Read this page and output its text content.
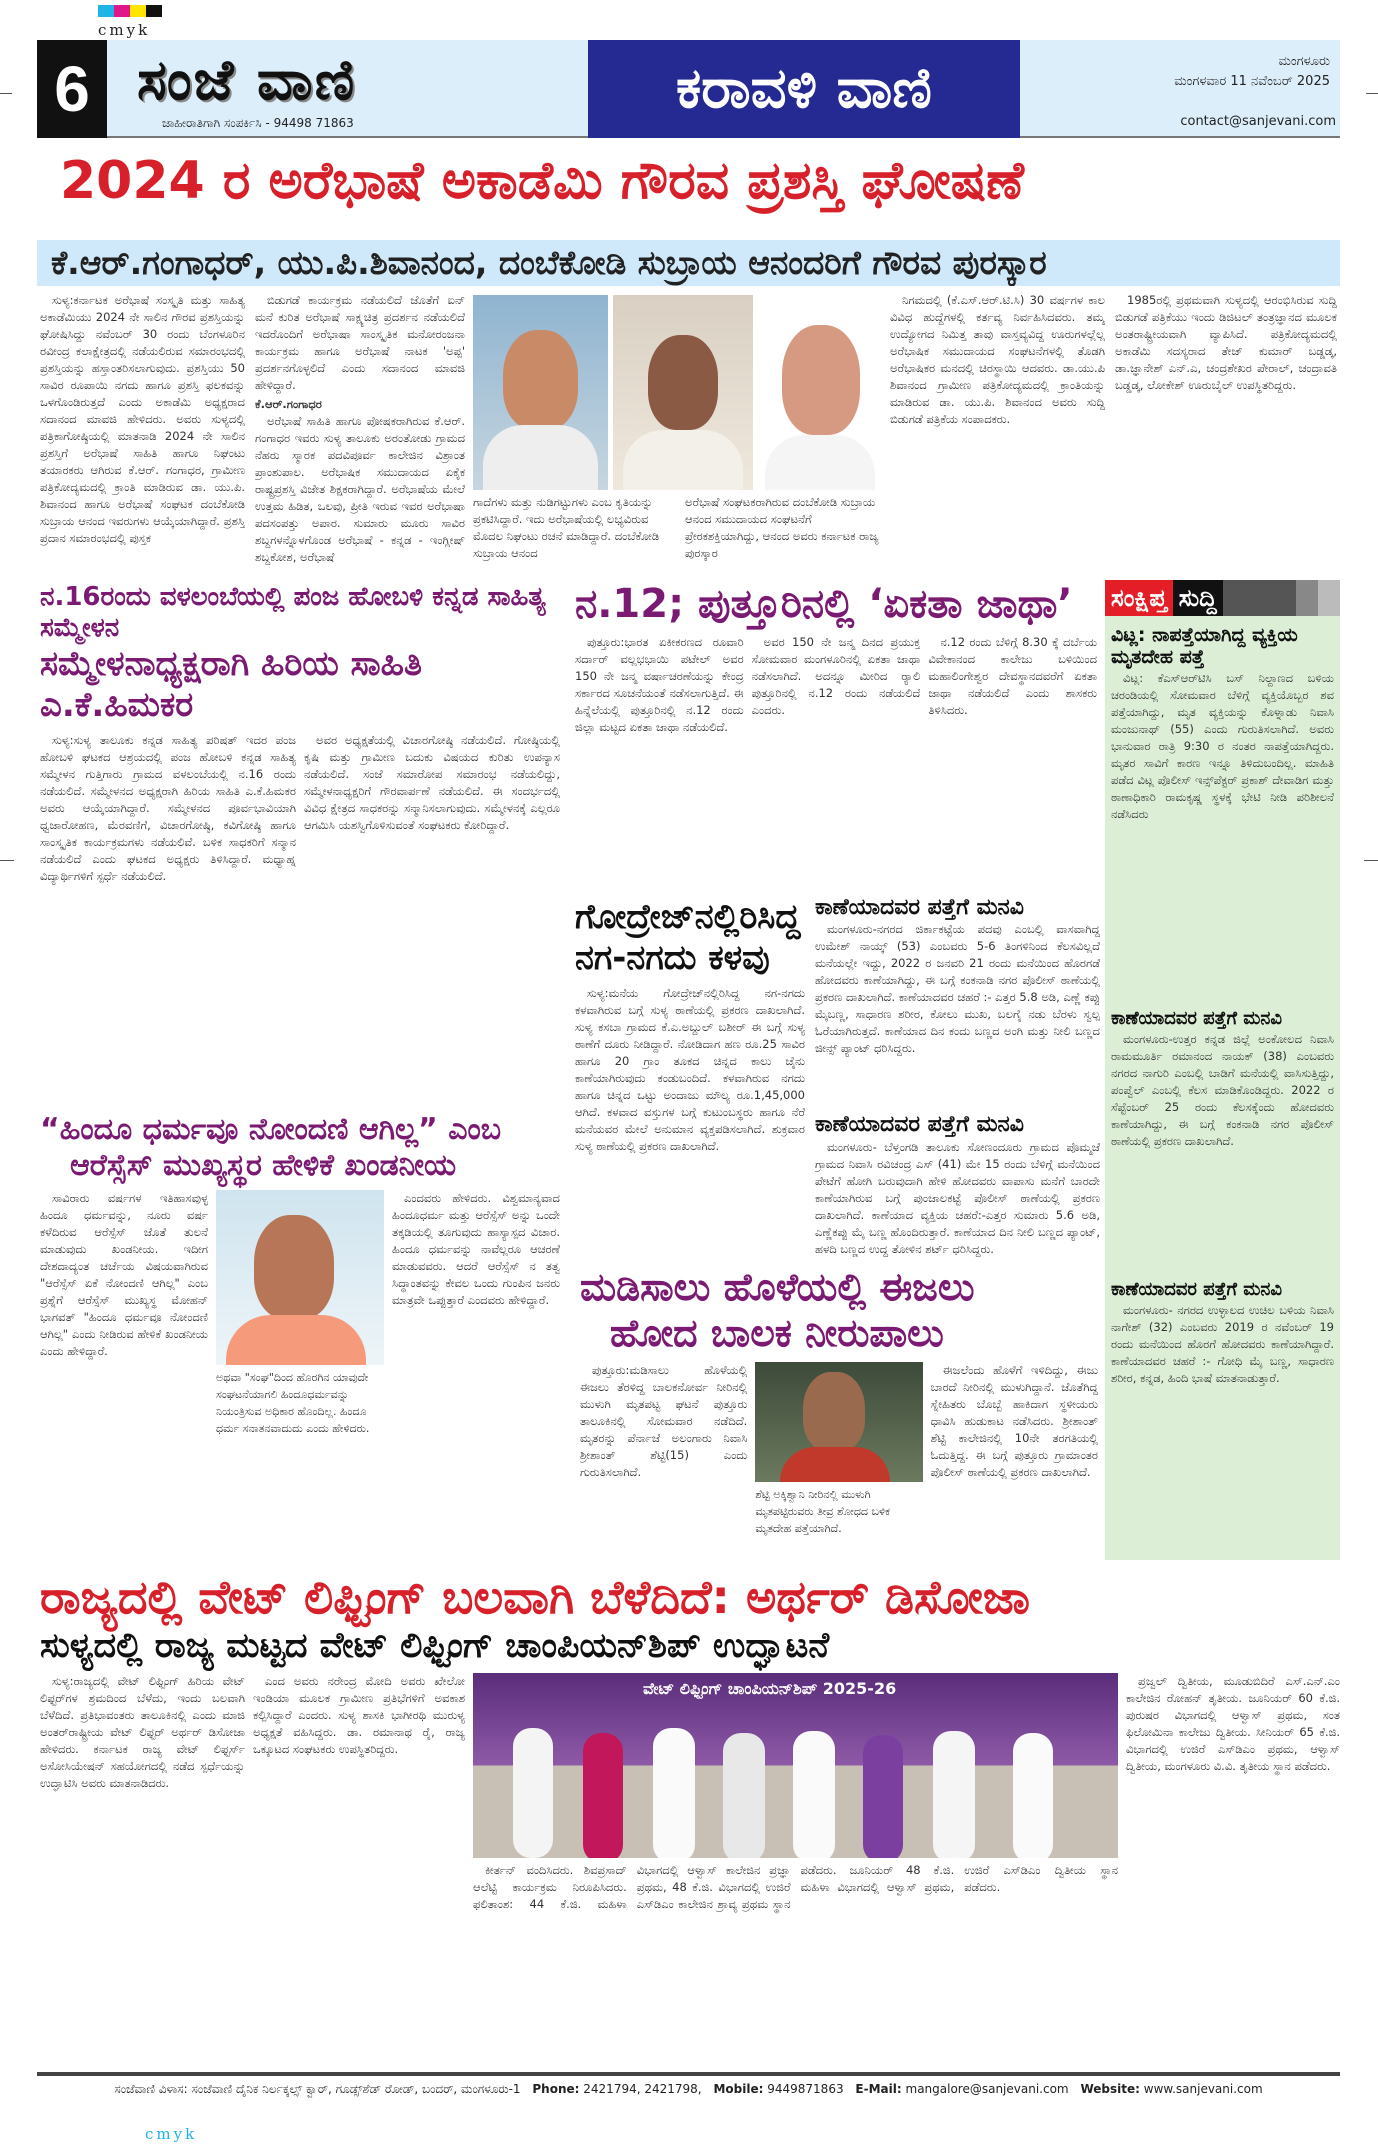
cmyk
6 ಸಂಜೆ ವಾಣಿ
ಜಾಹೀರಾತಿಗಾಗಿ ಸಂಪರ್ಕಿಸಿ - 94498 71863
ಕರಾವಳಿ ವಾಣಿ	ಮಂಗಳೂರು
ಮಂಗಳವಾರ 11 ನವೆಂಬರ್ 2025
contact@sanjevani.com
2024 ರ ಅರೆಭಾಷೆ ಅಕಾಡೆಮಿ ಗೌರವ ಪ್ರಶಸ್ತಿ ಘೋಷಣೆ
ಕೆ.ಆರ್.ಗಂಗಾಧರ್, ಯು.ಪಿ.ಶಿವಾನಂದ, ದಂಬೆಕೋಡಿ ಸುಬ್ರಾಯ ಆನಂದರಿಗೆ ಗೌರವ ಪುರಸ್ಕಾರ

ಸುಳ್ಯ:ಕರ್ನಾಟಕ ಅರೆಭಾಷೆ ಸಂಸ್ಕೃತಿ ಮತ್ತು ಸಾಹಿತ್ಯ ಅಕಾಡೆಮಿಯು 2024 ನೇ ಸಾಲಿನ ಗೌರವ ಪ್ರಶಸ್ತಿಯನ್ನು ಘೋಷಿಸಿದ್ದು ನವೆಂಬರ್ 30 ರಂದು ಬೆಂಗಳೂರಿನ ರವೀಂದ್ರ ಕಲಾಕ್ಷೇತ್ರದಲ್ಲಿ ನಡೆಯಲಿರುವ ಸಮಾರಂಭದಲ್ಲಿ ಪ್ರಶಸ್ತಿಯನ್ನು ಹಸ್ತಾಂತರಿಸಲಾಗುವುದು. ಪ್ರಶಸ್ತಿಯು 50 ಸಾವಿರ ರೂಪಾಯಿ ನಗದು ಹಾಗೂ ಪ್ರಶಸ್ತಿ ಫಲಕವನ್ನು ಒಳಗೊಂಡಿರುತ್ತದೆ ಎಂದು ಅಕಾಡೆಮಿ ಅಧ್ಯಕ್ಷರಾದ ಸದಾನಂದ ಮಾವಜಿ ಹೇಳಿದರು. ಅವರು ಸುಳ್ಯದಲ್ಲಿ ಪತ್ರಿಕಾಗೋಷ್ಠಿಯಲ್ಲಿ ಮಾತನಾಡಿ 2024 ನೇ ಸಾಲಿನ ಪ್ರಶಸ್ತಿಗೆ ಅರೆಭಾಷೆ ಸಾಹಿತಿ ಹಾಗೂ ನಿಘಂಟು ತಯಾರಕರು ಆಗಿರುವ ಕೆ.ಆರ್. ಗಂಗಾಧರ, ಗ್ರಾಮೀಣ ಪತ್ರಿಕೋದ್ಯಮದಲ್ಲಿ ಕ್ರಾಂತಿ ಮಾಡಿರುವ ಡಾ. ಯು.ಪಿ. ಶಿವಾನಂದ ಹಾಗೂ ಅರೆಭಾಷೆ ಸಂಘಟಕ ದಂಬೆಕೋಡಿ ಸುಬ್ರಾಯ ಆನಂದ ಇವರುಗಳು ಆಯ್ಕೆಯಾಗಿದ್ದಾರೆ. ಪ್ರಶಸ್ತಿ ಪ್ರದಾನ ಸಮಾರಂಭದಲ್ಲಿ ಪುಸ್ತಕ

ಬಿಡುಗಡೆ ಕಾರ್ಯಕ್ರಮ ನಡೆಯಲಿದೆ ಜೊತೆಗೆ ಐನ್ ಮನೆ ಕುರಿತ ಅರೆಭಾಷೆ ಸಾಕ್ಷ್ಯಚಿತ್ರ ಪ್ರದರ್ಶನ ನಡೆಯಲಿದೆ ಇದರೊಂದಿಗೆ ಅರೆಭಾಷಾ ಸಾಂಸ್ಕೃತಿಕ ಮನೋರಂಜನಾ ಕಾರ್ಯಕ್ರಮ ಹಾಗೂ ಅರೆಭಾಷೆ ನಾಟಕ 'ಅಪ್ಪ' ಪ್ರದರ್ಶನಗೊಳ್ಳಲಿದೆ ಎಂದು ಸದಾನಂದ ಮಾವಜಿ ಹೇಳಿದ್ದಾರೆ.

ಕೆ.ಆರ್.ಗಂಗಾಧರ

ಅರೆಭಾಷೆ ಸಾಹಿತಿ ಹಾಗೂ ಪೋಷಕರಾಗಿರುವ ಕೆ.ಆರ್. ಗಂಗಾಧರ ಇವರು ಸುಳ್ಯ ತಾಲೂಕು ಅರಂತೋಡು ಗ್ರಾಮದ ನೆಹರು ಸ್ಮಾರಕ ಪದವಿಪೂರ್ವ ಕಾಲೇಜಿನ ವಿಶ್ರಾಂತ ಪ್ರಾಂಶುಪಾಲ. ಅರೆಭಾಷಿಕ ಸಮುದಾಯದ ಏಕೈಕ ರಾಷ್ಟ್ರಪ್ರಶಸ್ತಿ ವಿಜೇತ ಶಿಕ್ಷಕರಾಗಿದ್ದಾರೆ. ಅರೆಭಾಷೆಯ ಮೇಲೆ ಉತ್ತಮ ಹಿಡಿತ, ಒಲವು, ಪ್ರೀತಿ ಇರುವ ಇವರ ಅರೆಭಾಷಾ ಪದಸಂಪತ್ತು ಅಪಾರ. ಸುಮಾರು ಮೂರು ಸಾವಿರ ಶಬ್ದಗಳನ್ನೊಳಗೊಂಡ ಅರೆಭಾಷೆ - ಕನ್ನಡ - ಇಂಗ್ಲೀಷ್ ಶಬ್ದಕೋಶ, ಅರೆಭಾಷೆ

ಗಾದೆಗಳು ಮತ್ತು ನುಡಿಗಟ್ಟುಗಳು ಎಂಬ ಕೃತಿಯನ್ನು ಪ್ರಕಟಿಸಿದ್ದಾರೆ. ಇದು ಅರೆಭಾಷೆಯಲ್ಲಿ ಲಭ್ಯವಿರುವ ಮೊದಲ ನಿಘಂಟು ರಚನೆ ಮಾಡಿದ್ದಾರೆ. ದಂಬೆಕೋಡಿ ಸುಬ್ರಾಯ ಆನಂದ
ಅರೆಭಾಷೆ ಸಂಘಟಕರಾಗಿರುವ ದಂಬೆಕೋಡಿ ಸುಬ್ರಾಯ ಆನಂದ ಸಮುದಾಯದ ಸಂಘಟನೆಗೆ ಪ್ರೇರಕಶಕ್ತಿಯಾಗಿದ್ದು, ಆನಂದ ಅವರು ಕರ್ನಾಟಕ ರಾಜ್ಯ ಪುರಸ್ಕಾರ

ನಿಗಮದಲ್ಲಿ (ಕೆ.ಎಸ್.ಆರ್.ಟಿ.ಸಿ) 30 ವರ್ಷಗಳ ಕಾಲ ವಿವಿಧ ಹುದ್ದೆಗಳಲ್ಲಿ ಕರ್ತವ್ಯ ನಿರ್ವಹಿಸಿದವರು. ತಮ್ಮ ಉದ್ಯೋಗದ ನಿಮಿತ್ತ ತಾವು ವಾಸ್ತವ್ಯವಿದ್ದ ಊರುಗಳಲ್ಲೆಲ್ಲ ಅರೆಭಾಷಿಕ ಸಮುದಾಯದ ಸಂಘಟನೆಗಳಲ್ಲಿ ತೊಡಗಿ ಅರೆಭಾಷಿಕರ ಮನದಲ್ಲಿ ಚಿರಸ್ಥಾಯಿ ಆದವರು. ಡಾ.ಯು.ಪಿ ಶಿವಾನಂದ ಗ್ರಾಮೀಣ ಪತ್ರಿಕೋದ್ಯಮದಲ್ಲಿ ಕ್ರಾಂತಿಯನ್ನು ಮಾಡಿರುವ ಡಾ. ಯು.ಪಿ. ಶಿವಾನಂದ ಅವರು ಸುದ್ದಿ ಬಿಡುಗಡೆ ಪತ್ರಿಕೆಯ ಸಂಪಾದಕರು.

1985ರಲ್ಲಿ ಪ್ರಥಮವಾಗಿ ಸುಳ್ಯದಲ್ಲಿ ಆರಂಭಿಸಿರುವ ಸುದ್ದಿ ಬಿಡುಗಡೆ ಪತ್ರಿಕೆಯು ಇಂದು ಡಿಜಿಟಲ್ ತಂತ್ರಜ್ಞಾನದ ಮೂಲಕ ಅಂತರಾಷ್ಟ್ರೀಯವಾಗಿ ವ್ಯಾಪಿಸಿದೆ. ಪತ್ರಿಕೋದ್ಯಮದಲ್ಲಿ ಅಕಾಡೆಮಿ ಸದಸ್ಯರಾದ ತೇಜ್ ಕುಮಾರ್ ಬಡ್ಡಡ್ಕ, ಡಾ.ಜ್ಞಾನೇಶ್ ಎನ್.ಎ, ಚಂದ್ರಶೇಖರ ಪೇರಾಲ್, ಚಂದ್ರಾವತಿ ಬಡ್ಡಡ್ಕ, ಲೋಕೇಶ್ ಊರುಬೈಲ್ ಉಪಸ್ಥಿತರಿದ್ದರು.

ನ.16ರಂದು ವಳಲಂಬೆಯಲ್ಲಿ ಪಂಜ ಹೋಬಳಿ ಕನ್ನಡ ಸಾಹಿತ್ಯ ಸಮ್ಮೇಳನ
ಸಮ್ಮೇಳನಾಧ್ಯಕ್ಷರಾಗಿ ಹಿರಿಯ ಸಾಹಿತಿ ಎ.ಕೆ.ಹಿಮಕರ

ಸುಳ್ಯ:ಸುಳ್ಯ ತಾಲೂಕು ಕನ್ನಡ ಸಾಹಿತ್ಯ ಪರಿಷತ್ ಇದರ ಪಂಜ ಹೋಬಳಿ ಘಟಕದ ಆಶ್ರಯದಲ್ಲಿ ಪಂಜ ಹೋಬಳಿ ಕನ್ನಡ ಸಾಹಿತ್ಯ ಸಮ್ಮೇಳನ ಗುತ್ತಿಗಾರು ಗ್ರಾಮದ ವಳಲಂಬೆಯಲ್ಲಿ ನ.16 ರಂದು ನಡೆಯಲಿದೆ. ಸಮ್ಮೇಳನದ ಅಧ್ಯಕ್ಷರಾಗಿ ಹಿರಿಯ ಸಾಹಿತಿ ಎ.ಕೆ.ಹಿಮಕರ ಅವರು ಆಯ್ಕೆಯಾಗಿದ್ದಾರೆ. ಸಮ್ಮೇಳನದ ಪೂರ್ವಭಾವಿಯಾಗಿ ಧ್ವಜಾರೋಹಣ, ಮೆರವಣಿಗೆ, ವಿಚಾರಗೋಷ್ಠಿ, ಕವಿಗೋಷ್ಠಿ ಹಾಗೂ ಸಾಂಸ್ಕೃತಿಕ ಕಾರ್ಯಕ್ರಮಗಳು ನಡೆಯಲಿವೆ. ಬಳಿಕ ಸಾಧಕರಿಗೆ ಸನ್ಮಾನ ನಡೆಯಲಿದೆ ಎಂದು ಘಟಕದ ಅಧ್ಯಕ್ಷರು ತಿಳಿಸಿದ್ದಾರೆ. ಮಧ್ಯಾಹ್ನ ವಿದ್ಯಾರ್ಥಿಗಳಿಗೆ ಸ್ಪರ್ಧೆ ನಡೆಯಲಿದೆ.

ಅವರ ಅಧ್ಯಕ್ಷತೆಯಲ್ಲಿ ವಿಚಾರಗೋಷ್ಠಿ ನಡೆಯಲಿದೆ. ಗೋಷ್ಠಿಯಲ್ಲಿ ಕೃಷಿ ಮತ್ತು ಗ್ರಾಮೀಣ ಬದುಕು ವಿಷಯದ ಕುರಿತು ಉಪನ್ಯಾಸ ನಡೆಯಲಿದೆ. ಸಂಜೆ ಸಮಾರೋಪ ಸಮಾರಂಭ ನಡೆಯಲಿದ್ದು, ಸಮ್ಮೇಳನಾಧ್ಯಕ್ಷರಿಗೆ ಗೌರವಾರ್ಪಣೆ ನಡೆಯಲಿದೆ. ಈ ಸಂದರ್ಭದಲ್ಲಿ ವಿವಿಧ ಕ್ಷೇತ್ರದ ಸಾಧಕರನ್ನು ಸನ್ಮಾನಿಸಲಾಗುವುದು. ಸಮ್ಮೇಳನಕ್ಕೆ ಎಲ್ಲರೂ ಆಗಮಿಸಿ ಯಶಸ್ವಿಗೊಳಿಸುವಂತೆ ಸಂಘಟಕರು ಕೋರಿದ್ದಾರೆ.

ನ.12; ಪುತ್ತೂರಿನಲ್ಲಿ ‘ಏಕತಾ ಜಾಥಾ’

ಪುತ್ತೂರು:ಭಾರತ ಏಕೀಕರಣದ ರೂವಾರಿ ಸರ್ದಾರ್ ವಲ್ಲಭಭಾಯಿ ಪಟೇಲ್ ಅವರ 150 ನೇ ಜನ್ಮ ವರ್ಷಾಚರಣೆಯನ್ನು ಕೇಂದ್ರ ಸರ್ಕಾರದ ಸೂಚನೆಯಂತೆ ನಡೆಸಲಾಗುತ್ತಿದೆ. ಈ ಹಿನ್ನೆಲೆಯಲ್ಲಿ ಪುತ್ತೂರಿನಲ್ಲಿ ನ.12 ರಂದು ಜಿಲ್ಲಾ ಮಟ್ಟದ ಏಕತಾ ಜಾಥಾ ನಡೆಯಲಿದೆ.

ಅವರ 150 ನೇ ಜನ್ಮ ದಿನದ ಪ್ರಯುಕ್ತ ಸೋಮವಾರ ಮಂಗಳೂರಿನಲ್ಲಿ ಏಕತಾ ಜಾಥಾ ನಡೆಸಲಾಗಿದೆ. ಅದನ್ನೂ ಮೀರಿದ ರ‍್ಯಾಲಿ ಪುತ್ತೂರಿನಲ್ಲಿ ನ.12 ರಂದು ನಡೆಯಲಿದೆ ಎಂದರು.

ನ.12 ರಂದು ಬೆಳಿಗ್ಗೆ 8.30 ಕ್ಕೆ ದರ್ಬೆಯ ವಿವೇಕಾನಂದ ಕಾಲೇಜು ಬಳಿಯಿಂದ ಮಹಾಲಿಂಗೇಶ್ವರ ದೇವಸ್ಥಾನದವರೆಗೆ ಏಕತಾ ಜಾಥಾ ನಡೆಯಲಿದೆ ಎಂದು ಶಾಸಕರು ತಿಳಿಸಿದರು.

ಗೋದ್ರೇಜ್‌ನಲ್ಲಿರಿಸಿದ್ದ
ನಗ-ನಗದು ಕಳವು

ಸುಳ್ಯ:ಮನೆಯ ಗೋದ್ರೇಜ್‌ನಲ್ಲಿರಿಸಿದ್ದ ನಗ-ನಗದು ಕಳವಾಗಿರುವ ಬಗ್ಗೆ ಸುಳ್ಯ ಠಾಣೆಯಲ್ಲಿ ಪ್ರಕರಣ ದಾಖಲಾಗಿದೆ. ಸುಳ್ಯ ಕಸಬಾ ಗ್ರಾಮದ ಕೆ.ಎ.ಅಬ್ದುಲ್ ಬಶೀರ್ ಈ ಬಗ್ಗೆ ಸುಳ್ಯ ಠಾಣೆಗೆ ದೂರು ನೀಡಿದ್ದಾರೆ. ನೋಡಿದಾಗ ಹಣ ರೂ.25 ಸಾವಿರ ಹಾಗೂ 20 ಗ್ರಾಂ ತೂಕದ ಚಿನ್ನದ ಕಾಲು ಚೈನು ಕಾಣೆಯಾಗಿರುವುದು ಕಂಡುಬಂದಿದೆ. ಕಳವಾಗಿರುವ ನಗದು ಹಾಗೂ ಚಿನ್ನದ ಒಟ್ಟು ಅಂದಾಜು ಮೌಲ್ಯ ರೂ.1,45,000 ಆಗಿದೆ. ಕಳವಾದ ವಸ್ತುಗಳ ಬಗ್ಗೆ ಕುಟುಂಬಸ್ಥರು ಹಾಗೂ ನೆರೆ ಮನೆಯವರ ಮೇಲೆ ಅನುಮಾನ ವ್ಯಕ್ತಪಡಿಸಲಾಗಿದೆ. ಶುಕ್ರವಾರ ಸುಳ್ಯ ಠಾಣೆಯಲ್ಲಿ ಪ್ರಕರಣ ದಾಖಲಾಗಿದೆ.

ಕಾಣೆಯಾದವರ ಪತ್ತೆಗೆ ಮನವಿ

ಮಂಗಳೂರು-ನಗರದ ಜಿರ್ಕಾಕಟ್ಟೆಯ ಪದವು ಎಂಬಲ್ಲಿ ವಾಸವಾಗಿದ್ದ ಉಮೇಶ್ ನಾಯ್ಕ್ (53) ಎಂಬವರು 5-6 ತಿಂಗಳಿನಿಂದ ಕೆಲಸವಿಲ್ಲದೆ ಮನೆಯಲ್ಲೇ ಇದ್ದು, 2022 ರ ಜನವರಿ 21 ರಂದು ಮನೆಯಿಂದ ಹೊರಗಡೆ ಹೋದವರು ಕಾಣೆಯಾಗಿದ್ದು, ಈ ಬಗ್ಗೆ ಕಂಕನಾಡಿ ನಗರ ಪೊಲೀಸ್ ಠಾಣೆಯಲ್ಲಿ ಪ್ರಕರಣ ದಾಖಲಾಗಿದೆ. ಕಾಣೆಯಾದವರ ಚಹರೆ :- ಎತ್ತರ 5.8 ಅಡಿ, ಎಣ್ಣೆ ಕಪ್ಪು ಮೈಬಣ್ಣ, ಸಾಧಾರಣ ಶರೀರ, ಕೋಲು ಮುಖ, ಬಲಗೈ ನಡು ಬೆರಳು ಸ್ವಲ್ಪ ಓರೆಯಾಗಿರುತ್ತದೆ. ಕಾಣೆಯಾದ ದಿನ ಕಂದು ಬಣ್ಣದ ಅಂಗಿ ಮತ್ತು ನೀಲಿ ಬಣ್ಣದ ಜೀನ್ಸ್ ಪ್ಯಾಂಟ್ ಧರಿಸಿದ್ದರು.

ಕಾಣೆಯಾದವರ ಪತ್ತೆಗೆ ಮನವಿ

ಮಂಗಳೂರು- ಬೆಳ್ತಂಗಡಿ ತಾಲೂಕು ಸೋಣಂದೂರು ಗ್ರಾಮದ ಪೊಮ್ಮಜೆ ಗ್ರಾಮದ ನಿವಾಸಿ ರವಿಚಂದ್ರ ಎಸ್ (41) ಮೇ 15 ರಂದು ಬೆಳಿಗ್ಗೆ ಮನೆಯಿಂದ ಪೇಟೆಗೆ ಹೋಗಿ ಬರುವುದಾಗಿ ಹೇಳಿ ಹೋದವರು ವಾಪಾಸು ಮನೆಗೆ ಬಾರದೇ ಕಾಣೆಯಾಗಿರುವ ಬಗ್ಗೆ ಪುಂಜಾಲಕಟ್ಟೆ ಪೊಲೀಸ್ ಠಾಣೆಯಲ್ಲಿ ಪ್ರಕರಣ ದಾಖಲಾಗಿದೆ. ಕಾಣೆಯಾದ ವ್ಯಕ್ತಿಯ ಚಹರೆ:-ಎತ್ತರ ಸುಮಾರು 5.6 ಅಡಿ, ಎಣ್ಣೆಕಪ್ಪು ಮೈ ಬಣ್ಣ ಹೊಂದಿರುತ್ತಾರೆ. ಕಾಣೆಯಾದ ದಿನ ನೀಲಿ ಬಣ್ಣದ ಪ್ಯಾಂಟ್, ಹಳದಿ ಬಣ್ಣದ ಉದ್ದ ತೋಳಿನ ಶರ್ಟ್ ಧರಿಸಿದ್ದರು.

“ಹಿಂದೂ ಧರ್ಮವೂ ನೋಂದಣಿ ಆಗಿಲ್ಲ” ಎಂಬ
ಆರೆಸ್ಸೆಸ್ ಮುಖ್ಯಸ್ಥರ ಹೇಳಿಕೆ ಖಂಡನೀಯ

ಸಾವಿರಾರು ವರ್ಷಗಳ ಇತಿಹಾಸವುಳ್ಳ ಹಿಂದೂ ಧರ್ಮವನ್ನು, ನೂರು ವರ್ಷ ಕಳೆದಿರುವ ಆರೆಸ್ಸೆಸ್ ಜೊತೆ ತುಲನೆ ಮಾಡುವುದು ಖಂಡನೀಯ. ಇದೀಗ ದೇಶದಾದ್ಯಂತ ಚರ್ಚೆಯ ವಿಷಯವಾಗಿರುವ "ಆರೆಸ್ಸೆಸ್ ಏಕೆ ನೋಂದಣಿ ಆಗಿಲ್ಲ" ಎಂಬ ಪ್ರಶ್ನೆಗೆ ಆರೆಸ್ಸೆಸ್ ಮುಖ್ಯಸ್ಥ ಮೋಹನ್ ಭಾಗವತ್ "ಹಿಂದೂ ಧರ್ಮವೂ ನೋಂದಣಿ ಆಗಿಲ್ಲ" ಎಂದು ನೀಡಿರುವ ಹೇಳಿಕೆ ಖಂಡನೀಯ ಎಂದು ಹೇಳಿದ್ದಾರೆ.

ಅಥವಾ "ಸಂಘ"ದಿಂದ ಹೊರಗಿನ ಯಾವುದೇ ಸಂಘಟನೆಯಾಗಲಿ ಹಿಂದೂಧರ್ಮವನ್ನು ನಿಯಂತ್ರಿಸುವ ಅಧಿಕಾರ ಹೊಂದಿಲ್ಲ. ಹಿಂದೂ ಧರ್ಮ ಸನಾತನವಾದುದು ಎಂದು ಹೇಳಿದರು.

ಎಂದವರು ಹೇಳಿದರು. ವಿಶ್ವಮಾನ್ಯವಾದ ಹಿಂದೂಧರ್ಮ ಮತ್ತು ಆರೆಸ್ಸೆಸ್ ಅನ್ನು ಒಂದೇ ತಕ್ಕಡಿಯಲ್ಲಿ ತೂಗುವುದು ಹಾಸ್ಯಾಸ್ಪದ ವಿಚಾರ. ಹಿಂದೂ ಧರ್ಮವನ್ನು ನಾವೆಲ್ಲರೂ ಆಚರಣೆ ಮಾಡುವವರು. ಆದರೆ ಆರೆಸ್ಸೆಸ್ ನ ತತ್ವ ಸಿದ್ಧಾಂತವನ್ನು ಕೇವಲ ಒಂದು ಗುಂಪಿನ ಜನರು ಮಾತ್ರವೇ ಒಪ್ಪುತ್ತಾರೆ ಎಂದವರು ಹೇಳಿದ್ದಾರೆ. ಮಡಿಸಾಲು ಹೊಳೆಯಲ್ಲಿ ಈಜಲು
ಹೋದ ಬಾಲಕ ನೀರುಪಾಲು

ಪುತ್ತೂರು:ಮಡಿಸಾಲು ಹೊಳೆಯಲ್ಲಿ ಈಜಲು ತೆರಳಿದ್ದ ಬಾಲಕನೋರ್ವ ನೀರಿನಲ್ಲಿ ಮುಳುಗಿ ಮೃತಪಟ್ಟ ಘಟನೆ ಪುತ್ತೂರು ತಾಲೂಕಿನಲ್ಲಿ ಸೋಮವಾರ ನಡೆದಿದೆ. ಮೃತರನ್ನು ಪೆರ್ನಾಜೆ ಅಲಂಗಾರು ನಿವಾಸಿ ಶ್ರೀಶಾಂತ್ ಶೆಟ್ಟಿ(15) ಎಂದು ಗುರುತಿಸಲಾಗಿದೆ.

ಶೆಟ್ಟಿ ಅಕ್ಕಿಶ್ವಾನಿ ನೀರಿನಲ್ಲಿ ಮುಳುಗಿ ಮೃತಪಟ್ಟಿರುವರು ತೀವ್ರ ಶೋಧದ ಬಳಿಕ ಮೃತದೇಹ ಪತ್ತೆಯಾಗಿದೆ.

ಈಜಲೆಂದು ಹೊಳೆಗೆ ಇಳಿದಿದ್ದು, ಈಜು ಬಾರದೆ ನೀರಿನಲ್ಲಿ ಮುಳುಗಿದ್ದಾನೆ. ಜೊತೆಗಿದ್ದ ಸ್ನೇಹಿತರು ಬೊಬ್ಬೆ ಹಾಕಿದಾಗ ಸ್ಥಳೀಯರು ಧಾವಿಸಿ ಹುಡುಕಾಟ ನಡೆಸಿದರು. ಶ್ರೀಶಾಂತ್ ಶೆಟ್ಟಿ ಕಾಲೇಜಿನಲ್ಲಿ 10ನೇ ತರಗತಿಯಲ್ಲಿ ಓದುತ್ತಿದ್ದ. ಈ ಬಗ್ಗೆ ಪುತ್ತೂರು ಗ್ರಾಮಾಂತರ ಪೊಲೀಸ್ ಠಾಣೆಯಲ್ಲಿ ಪ್ರಕರಣ ದಾಖಲಾಗಿದೆ.

ಸಂಕ್ಷಿಪ್ತ ಸುದ್ದಿ
ವಿಟ್ಲ: ನಾಪತ್ತೆಯಾಗಿದ್ದ ವ್ಯಕ್ತಿಯ ಮೃತದೇಹ ಪತ್ತೆ

ವಿಟ್ಲ: ಕೆಎಸ್ಆರ್‌ಟಿಸಿ ಬಸ್ ನಿಲ್ದಾಣದ ಬಳಿಯ ಚರಂಡಿಯಲ್ಲಿ ಸೋಮವಾರ ಬೆಳಿಗ್ಗೆ ವ್ಯಕ್ತಿಯೊಬ್ಬರ ಶವ ಪತ್ತೆಯಾಗಿದ್ದು, ಮೃತ ವ್ಯಕ್ತಿಯನ್ನು ಕೊಳ್ನಾಡು ನಿವಾಸಿ ಮಂಜುನಾಥ್ (55) ಎಂದು ಗುರುತಿಸಲಾಗಿದೆ. ಅವರು ಭಾನುವಾರ ರಾತ್ರಿ 9:30 ರ ನಂತರ ನಾಪತ್ತೆಯಾಗಿದ್ದರು. ಮೃತರ ಸಾವಿಗೆ ಕಾರಣ ಇನ್ನೂ ತಿಳಿದುಬಂದಿಲ್ಲ. ಮಾಹಿತಿ ಪಡೆದ ವಿಟ್ಲ ಪೊಲೀಸ್ ಇನ್ಸ್‌ಪೆಕ್ಟರ್ ಪ್ರಕಾಶ್ ದೇವಾಡಿಗ ಮತ್ತು ಠಾಣಾಧಿಕಾರಿ ರಾಮಕೃಷ್ಣ ಸ್ಥಳಕ್ಕೆ ಭೇಟಿ ನೀಡಿ ಪರಿಶೀಲನೆ ನಡೆಸಿದರು

ಕಾಣೆಯಾದವರ ಪತ್ತೆಗೆ ಮನವಿ

ಮಂಗಳೂರು-ಉತ್ತರ ಕನ್ನಡ ಜಿಲ್ಲೆ ಅಂಕೋಲದ ನಿವಾಸಿ ರಾಮಮೂರ್ತಿ ರಮಾನಂದ ನಾಯಕ್ (38) ಎಂಬವರು ನಗರದ ನಾಗುರಿ ಎಂಬಲ್ಲಿ ಬಾಡಿಗೆ ಮನೆಯಲ್ಲಿ ವಾಸಿಸುತ್ತಿದ್ದು, ಪಂಪ್ವೆಲ್ ಎಂಬಲ್ಲಿ ಕೆಲಸ ಮಾಡಿಕೊಂಡಿದ್ದರು. 2022 ರ ಸೆಪ್ಟೆಂಬರ್ 25 ರಂದು ಕೆಲಸಕ್ಕೆಂದು ಹೋದವರು ಕಾಣೆಯಾಗಿದ್ದು, ಈ ಬಗ್ಗೆ ಕಂಕನಾಡಿ ನಗರ ಪೊಲೀಸ್ ಠಾಣೆಯಲ್ಲಿ ಪ್ರಕರಣ ದಾಖಲಾಗಿದೆ.

ಕಾಣೆಯಾದವರ ಪತ್ತೆಗೆ ಮನವಿ

ಮಂಗಳೂರು- ನಗರದ ಉಳ್ಳಾಲದ ಉಚಿಲ ಬಳಿಯ ನಿವಾಸಿ ನಾಗೇಶ್ (32) ಎಂಬವರು 2019 ರ ನವೆಂಬರ್ 19 ರಂದು ಮನೆಯಿಂದ ಹೊರಗೆ ಹೋದವರು ಕಾಣೆಯಾಗಿದ್ದಾರೆ. ಕಾಣೆಯಾದವರ ಚಹರೆ :- ಗೋಧಿ ಮೈ ಬಣ್ಣ, ಸಾಧಾರಣ ಶರೀರ, ಕನ್ನಡ, ಹಿಂದಿ ಭಾಷೆ ಮಾತನಾಡುತ್ತಾರೆ.

ರಾಜ್ಯದಲ್ಲಿ ವೇಟ್ ಲಿಫ್ಟಿಂಗ್ ಬಲವಾಗಿ ಬೆಳೆದಿದೆ: ಅರ್ಥರ್ ಡಿಸೋಜಾ
ಸುಳ್ಯದಲ್ಲಿ ರಾಜ್ಯ ಮಟ್ಟದ ವೇಟ್ ಲಿಫ್ಟಿಂಗ್ ಚಾಂಪಿಯನ್‌ಶಿಪ್ ಉದ್ಘಾಟನೆ

ಸುಳ್ಯ:ರಾಜ್ಯದಲ್ಲಿ ವೇಟ್ ಲಿಫ್ಟಿಂಗ್ ಹಿರಿಯ ವೇಟ್ ಲಿಫ್ಟರ್‌ಗಳ ಶ್ರಮದಿಂದ ಬೆಳೆದು, ಇಂದು ಬಲವಾಗಿ ಬೆಳೆದಿದೆ. ಪ್ರತಿಭಾವಂತರು ತಾಲೂಕಿನಲ್ಲಿ ಎಂದು ಮಾಜಿ ಅಂತರ್‌ರಾಷ್ಟ್ರೀಯ ವೇಟ್ ಲಿಫ್ಟರ್ ಅರ್ಥರ್ ಡಿಸೋಜಾ ಹೇಳಿದರು. ಕರ್ನಾಟಕ ರಾಜ್ಯ ವೇಟ್ ಲಿಫ್ಟರ್ಸ್ ಅಸೋಸಿಯೇಷನ್ ಸಹಯೋಗದಲ್ಲಿ ನಡೆದ ಸ್ಪರ್ಧೆಯನ್ನು ಉದ್ಘಾಟಿಸಿ ಅವರು ಮಾತನಾಡಿದರು.

ಎಂದ ಅವರು ನರೇಂದ್ರ ಮೋದಿ ಅವರು ಖೇಲೋ ಇಂಡಿಯಾ ಮೂಲಕ ಗ್ರಾಮೀಣ ಪ್ರತಿಭೆಗಳಿಗೆ ಅವಕಾಶ ಕಲ್ಪಿಸಿದ್ದಾರೆ ಎಂದರು. ಸುಳ್ಯ ಶಾಸಕಿ ಭಾಗೀರಥಿ ಮುರುಳ್ಯ ಅಧ್ಯಕ್ಷತೆ ವಹಿಸಿದ್ದರು. ಡಾ. ರಮಾನಾಥ ರೈ, ರಾಜ್ಯ ಒಕ್ಕೂಟದ ಸಂಘಟಕರು ಉಪಸ್ಥಿತರಿದ್ದರು.

ವೇಟ್ ಲಿಫ್ಟಿಂಗ್ ಚಾಂಪಿಯನ್‌ಶಿಪ್ 2025-26

ಕೀರ್ತನ್ ವಂದಿಸಿದರು. ಶಿವಪ್ರಸಾದ್ ಆಲೆಟ್ಟಿ ಕಾರ್ಯಕ್ರಮ ನಿರೂಪಿಸಿದರು. ಫಲಿತಾಂಶ: 44 ಕೆ.ಜಿ. ಮಹಿಳಾ ವಿಭಾಗದಲ್ಲಿ ಆಳ್ವಾಸ್ ಕಾಲೇಜಿನ ಪ್ರಜ್ಞಾ ಪ್ರಥಮ, 48 ಕೆ.ಜಿ. ವಿಭಾಗದಲ್ಲಿ ಉಜಿರೆ ಎಸ್‌ಡಿಎಂ ಕಾಲೇಜಿನ ಶ್ರಾವ್ಯ ಪ್ರಥಮ ಸ್ಥಾನ ಪಡೆದರು. ಜೂನಿಯರ್ 48 ಕೆ.ಜಿ. ಮಹಿಳಾ ವಿಭಾಗದಲ್ಲಿ ಆಳ್ವಾಸ್ ಪ್ರಥಮ, ಉಜಿರೆ ಎಸ್‌ಡಿಎಂ ದ್ವಿತೀಯ ಸ್ಥಾನ ಪಡೆದರು.

ಪ್ರಜ್ವಲ್ ದ್ವಿತೀಯ, ಮೂಡುಬಿದಿರೆ ಎಸ್.ಎನ್.ಎಂ ಕಾಲೇಜಿನ ರೋಹನ್ ತೃತೀಯ. ಜೂನಿಯರ್ 60 ಕೆ.ಜಿ. ಪುರುಷರ ವಿಭಾಗದಲ್ಲಿ ಆಳ್ವಾಸ್ ಪ್ರಥಮ, ಸಂತ ಫಿಲೋಮಿನಾ ಕಾಲೇಜು ದ್ವಿತೀಯ. ಸೀನಿಯರ್ 65 ಕೆ.ಜಿ. ವಿಭಾಗದಲ್ಲಿ ಉಜಿರೆ ಎಸ್‌ಡಿಎಂ ಪ್ರಥಮ, ಆಳ್ವಾಸ್ ದ್ವಿತೀಯ, ಮಂಗಳೂರು ವಿ.ವಿ. ತೃತೀಯ ಸ್ಥಾನ ಪಡೆದರು.

ಸಂಜೆವಾಣಿ ವಿಳಾಸ: ಸಂಜೆವಾಣಿ ದೈನಿಕ ನಿರ್ಲಕ್ಕಲ್ಸ್ ಕ್ವಾರ್, ಗೂಡ್ಸ್‌ಶೆಡ್ ರೋಡ್, ಬಂದರ್, ಮಂಗಳೂರು-1 Phone: 2421794, 2421798, Mobile: 9449871863 E-Mail: mangalore@sanjevani.com Website: www.sanjevani.com
cmyk
